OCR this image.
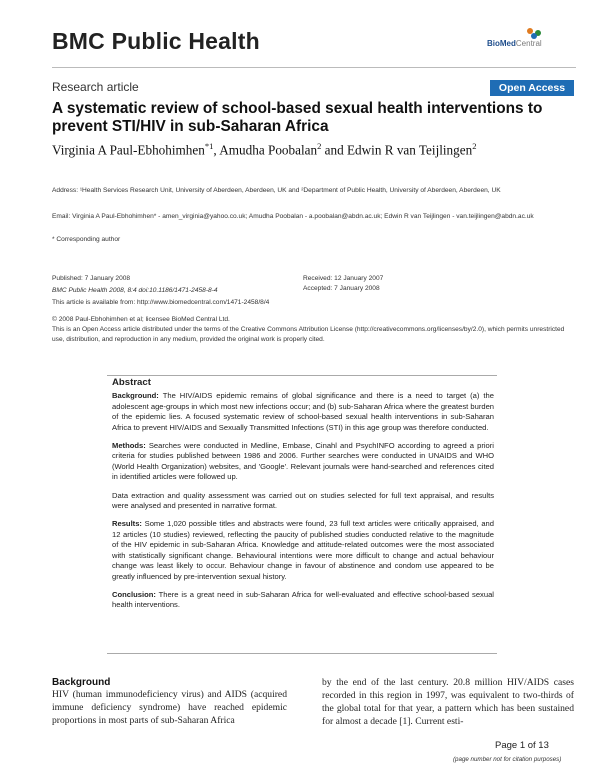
BMC Public Health	BioMedCentral
Research article	Open Access
A systematic review of school-based sexual health interventions to prevent STI/HIV in sub-Saharan Africa
Virginia A Paul-Ebhohimhen$^{*1}$, Amudha Poobalan$^2$ and Edwin R van Teijlingen$^2$
Address: ¹Health Services Research Unit, University of Aberdeen, Aberdeen, UK and ²Department of Public Health, University of Aberdeen, Aberdeen, UK
Email: Virginia A Paul-Ebhohimhen* - amen_virginia@yahoo.co.uk; Amudha Poobalan - a.poobalan@abdn.ac.uk; Edwin R van Teijlingen - van.teijlingen@abdn.ac.uk
* Corresponding author
Published: 7 January 2008
BMC Public Health 2008, 8:4 doi:10.1186/1471-2458-8-4
This article is available from: http://www.biomedcentral.com/1471-2458/8/4
Received: 12 January 2007
Accepted: 7 January 2008
© 2008 Paul-Ebhohimhen et al; licensee BioMed Central Ltd.
This is an Open Access article distributed under the terms of the Creative Commons Attribution License (http://creativecommons.org/licenses/by/2.0), which permits unrestricted use, distribution, and reproduction in any medium, provided the original work is properly cited.
Abstract

Background: The HIV/AIDS epidemic remains of global significance and there is a need to target (a) the adolescent age-groups in which most new infections occur; and (b) sub-Saharan Africa where the greatest burden of the epidemic lies. A focused systematic review of school-based sexual health interventions in sub-Saharan Africa to prevent HIV/AIDS and Sexually Transmitted Infections (STI) in this age group was therefore conducted.

Methods: Searches were conducted in Medline, Embase, Cinahl and PsychINFO according to agreed a priori criteria for studies published between 1986 and 2006. Further searches were conducted in UNAIDS and WHO (World Health Organization) websites, and 'Google'. Relevant journals were hand-searched and references cited in identified articles were followed up.

Data extraction and quality assessment was carried out on studies selected for full text appraisal, and results were analysed and presented in narrative format.

Results: Some 1,020 possible titles and abstracts were found, 23 full text articles were critically appraised, and 12 articles (10 studies) reviewed, reflecting the paucity of published studies conducted relative to the magnitude of the HIV epidemic in sub-Saharan Africa. Knowledge and attitude-related outcomes were the most associated with statistically significant change. Behavioural intentions were more difficult to change and actual behaviour change was least likely to occur. Behaviour change in favour of abstinence and condom use appeared to be greatly influenced by pre-intervention sexual history.

Conclusion: There is a great need in sub-Saharan Africa for well-evaluated and effective school-based sexual health interventions.

Background
HIV (human immunodeficiency virus) and AIDS (acquired immune deficiency syndrome) have reached epidemic proportions in most parts of sub-Saharan Africa
by the end of the last century. 20.8 million HIV/AIDS cases recorded in this region in 1997, was equivalent to two-thirds of the global total for that year, a pattern which has been sustained for almost a decade [1]. Current esti-
Page 1 of 13
(page number not for citation purposes)
